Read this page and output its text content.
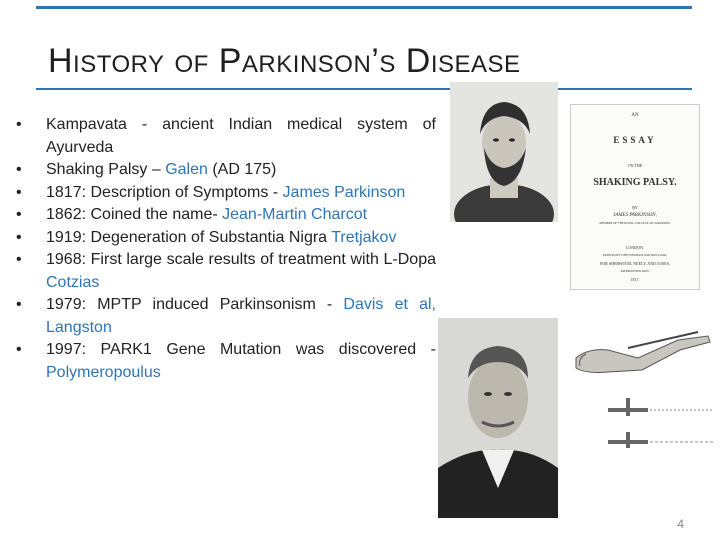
History of Parkinson’s Disease
• Kampavata - ancient Indian medical system of Ayurveda
• Shaking Palsy – Galen (AD 175)
• 1817: Description of Symptoms - James Parkinson
• 1862: Coined the name- Jean-Martin Charcot
• 1919: Degeneration of Substantia Nigra Tretjakov
• 1968: First large scale results of treatment with L-Dopa Cotzias
• 1979: MPTP induced Parkinsonism - Davis et al, Langston
• 1997: PARK1 Gene Mutation was discovered - Polymeropoulus
AN
ESSAY
ON THE
SHAKING PALSY.
BY
JAMES PARKINSON,
MEMBER OF THE ROYAL COLLEGE OF SURGEONS.
LONDON:
PRINTED BY WHITTINGHAM AND ROWLAND,
FOR SHERWOOD, NEELY, AND JONES,
PATERNOSTER ROW.
1817.
4
